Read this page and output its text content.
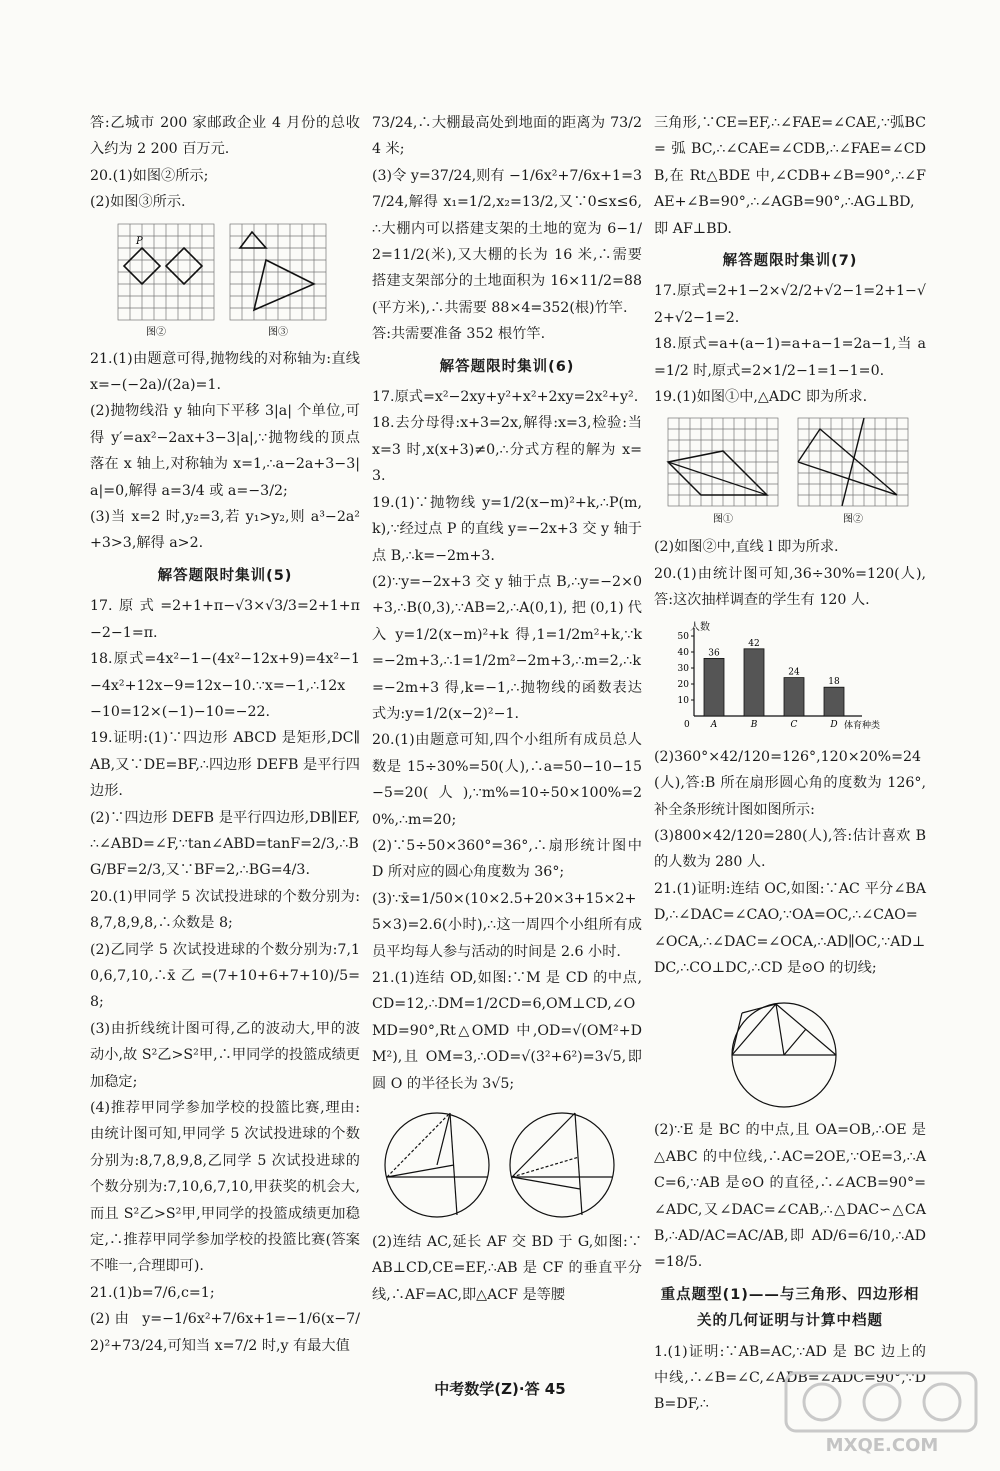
答:乙城市 200 家邮政企业 4 月份的总收入约为 2 200 百万元.

20.(1)如图②所示;

(2)如图③所示.

P
图②	图③

21.(1)由题意可得,抛物线的对称轴为:直线 x=−(−2a)/(2a)=1.

(2)抛物线沿 y 轴向下平移 3|a| 个单位,可得 y′=ax²−2ax+3−3|a|,∵抛物线的顶点落在 x 轴上,对称轴为 x=1,∴a−2a+3−3|a|=0,解得 a=3/4 或 a=−3/2;

(3)当 x=2 时,y₂=3,若 y₁>y₂,则 a³−2a²+3>3,解得 a>2.

解答题限时集训(5)

17.原式=2+1+π−√3×√3/3=2+1+π−2−1=π.

18.原式=4x²−1−(4x²−12x+9)=4x²−1−4x²+12x−9=12x−10.∵x=−1,∴12x−10=12×(−1)−10=−22.

19.证明:(1)∵四边形 ABCD 是矩形,DC∥AB,又∵DE=BF,∴四边形 DEFB 是平行四边形.

(2)∵四边形 DEFB 是平行四边形,DB∥EF,∴∠ABD=∠F,∵tan∠ABD=tanF=2/3,∴BG/BF=2/3,又∵BF=2,∴BG=4/3.

20.(1)甲同学 5 次试投进球的个数分别为:8,7,8,9,8,∴众数是 8;

(2)乙同学 5 次试投进球的个数分别为:7,10,6,7,10,∴x̄乙=(7+10+6+7+10)/5=8;

(3)由折线统计图可得,乙的波动大,甲的波动小,故 S²乙>S²甲,∴甲同学的投篮成绩更加稳定;

(4)推荐甲同学参加学校的投篮比赛,理由:由统计图可知,甲同学 5 次试投进球的个数分别为:8,7,8,9,8,乙同学 5 次试投进球的个数分别为:7,10,6,7,10,甲获奖的机会大,而且 S²乙>S²甲,甲同学的投篮成绩更加稳定,∴推荐甲同学参加学校的投篮比赛(答案不唯一,合理即可).

21.(1)b=7/6,c=1;

(2)由 y=−1/6x²+7/6x+1=−1/6(x−7/2)²+73/24,可知当 x=7/2 时,y 有最大值

73/24,∴大棚最高处到地面的距离为 73/24 米;

(3)令 y=37/24,则有 −1/6x²+7/6x+1=37/24,解得 x₁=1/2,x₂=13/2,又∵0≤x≤6,∴大棚内可以搭建支架的土地的宽为 6−1/2=11/2(米),又大棚的长为 16 米,∴需要搭建支架部分的土地面积为 16×11/2=88(平方米),∴共需要 88×4=352(根)竹竿.

答:共需要准备 352 根竹竿.

解答题限时集训(6)

17.原式=x²−2xy+y²+x²+2xy=2x²+y².

18.去分母得:x+3=2x,解得:x=3,检验:当 x=3 时,x(x+3)≠0,∴分式方程的解为 x=3.

19.(1)∵抛物线 y=1/2(x−m)²+k,∴P(m,k),∵经过点 P 的直线 y=−2x+3 交 y 轴于点 B,∴k=−2m+3.

(2)∵y=−2x+3 交 y 轴于点 B,∴y=−2×0+3,∴B(0,3),∵AB=2,∴A(0,1),把(0,1)代入 y=1/2(x−m)²+k 得,1=1/2m²+k,∵k=−2m+3,∴1=1/2m²−2m+3,∴m=2,∴k=−2m+3 得,k=−1,∴抛物线的函数表达式为:y=1/2(x−2)²−1.

20.(1)由题意可知,四个小组所有成员总人数是 15÷30%=50(人),∴a=50−10−15−5=20(人),∵m%=10÷50×100%=20%,∴m=20;

(2)∵5÷50×360°=36°,∴扇形统计图中 D 所对应的圆心角度数为 36°;

(3)∵x̄=1/50×(10×2.5+20×3+15×2+5×3)=2.6(小时),∴这一周四个小组所有成员平均每人参与活动的时间是 2.6 小时.

21.(1)连结 OD,如图:∵M 是 CD 的中点,CD=12,∴DM=1/2CD=6,OM⊥CD,∠OMD=90°,Rt△OMD 中,OD=√(OM²+DM²),且 OM=3,∴OD=√(3²+6²)=3√5,即圆 O 的半径长为 3√5;

(2)连结 AC,延长 AF 交 BD 于 G,如图:∵AB⊥CD,CE=EF,∴AB 是 CF 的垂直平分线,∴AF=AC,即△ACF 是等腰

三角形,∵CE=EF,∴∠FAE=∠CAE,∵弧BC=弧BC,∴∠CAE=∠CDB,∴∠FAE=∠CDB,在 Rt△BDE 中,∠CDB+∠B=90°,∴∠FAE+∠B=90°,∴∠AGB=90°,∴AG⊥BD,即 AF⊥BD.

解答题限时集训(7)

17.原式=2+1−2×√2/2+√2−1=2+1−√2+√2−1=2.

18.原式=a+(a−1)=a+a−1=2a−1,当 a=1/2 时,原式=2×1/2−1=1−1=0.

19.(1)如图①中,△ADC 即为所求.

图①	图②

(2)如图②中,直线 l 即为所求.

20.(1)由统计图可知,36÷30%=120(人),答:这次抽样调查的学生有 120 人.

人数
体育种类
0
10
20
30
40
50
36
A
42
B
24
C
18
D

(2)360°×42/120=126°,120×20%=24(人),答:B 所在扇形圆心角的度数为 126°,补全条形统计图如图所示:

(3)800×42/120=280(人),答:估计喜欢 B 的人数为 280 人.

21.(1)证明:连结 OC,如图:∵AC 平分∠BAD,∴∠DAC=∠CAO,∵OA=OC,∴∠CAO=∠OCA,∴∠DAC=∠OCA,∴AD∥OC,∵AD⊥DC,∴CO⊥DC,∴CD 是⊙O 的切线;

(2)∵E 是 BC 的中点,且 OA=OB,∴OE 是△ABC 的中位线,∴AC=2OE,∵OE=3,∴AC=6,∵AB 是⊙O 的直径,∴∠ACB=90°=∠ADC,又∠DAC=∠CAB,∴△DAC∽△CAB,∴AD/AC=AC/AB,即 AD/6=6/10,∴AD=18/5.

重点题型(1)——与三角形、四边形相关的几何证明与计算中档题

1.(1)证明:∵AB=AC,∵AD 是 BC 边上的中线,∴∠B=∠C,∠ADB=∠ADC=90°,∵DB=DF,∴

中考数学(Z)·答 45
MXQE.COM
